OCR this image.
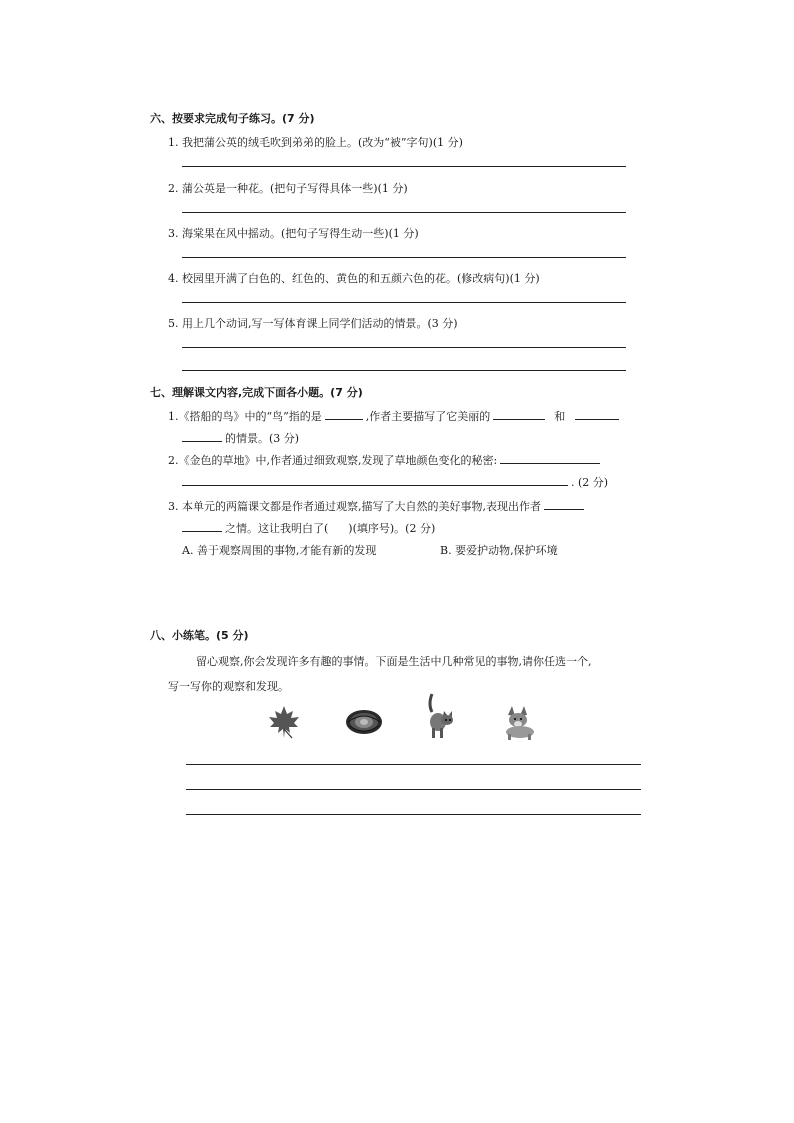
六、按要求完成句子练习。(7 分)
1. 我把蒲公英的绒毛吹到弟弟的脸上。(改为“被”字句)(1 分)
2. 蒲公英是一种花。(把句子写得具体一些)(1 分)
3. 海棠果在风中摇动。(把句子写得生动一些)(1 分)
4. 校园里开满了白色的、红色的、黄色的和五颜六色的花。(修改病句)(1 分)
5. 用上几个动词,写一写体育课上同学们活动的情景。(3 分)
七、理解课文内容,完成下面各小题。(7 分)
1.《搭船的鸟》中的“鸟”指的是	,作者主要描写了它美丽的	和
的情景。(3 分)
2.《金色的草地》中,作者通过细致观察,发现了草地颜色变化的秘密:
. (2 分)
3. 本单元的两篇课文都是作者通过观察,描写了大自然的美好事物,表现出作者
之情。这让我明白了( )(填序号)。(2 分)
A. 善于观察周围的事物,才能有新的发现	B. 要爱护动物,保护环境
八、小练笔。(5 分)
留心观察,你会发现许多有趣的事情。下面是生活中几种常见的事物,请你任选一个,
写一写你的观察和发现。
